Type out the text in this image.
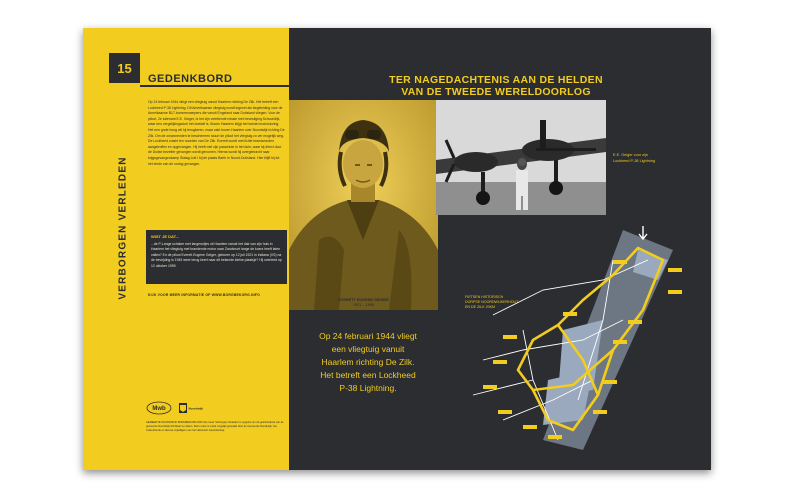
15
VERBORGEN VERLEDEN
GEDENKBORD

Op 24 februari 1944 vliegt een vliegtuig vanuit Haarlem richting De Zilk. Het betreft een Lockheed P-38 Lightning. Dit Amerikaanse vliegtuig wordt ingezet als begeleiding voor de Amerikaanse B17-bommenwerpers die vanuit Engeland naar Duitsland vliegen. Voor de piloot, 2e luitenant E.E. Geiger, is het zijn veertiende missie met bevestiging Schoorldijk, waar een vergelijkingsdoel het doelwit is. Boven Haarlem krijgt het toestel motorstoring. Het een grote boog wil hij terugkeren, maar zakt boven Haarlem over Noordwijk richting De Zilk. Om de omwonenden te beschermen stuurt de piloot het vliegtuig zo ver mogelijk weg. De Lockheed crasht ten noorden van De Zilk. Everett wordt met lichte brandwonden aangetroffen en opgevangen. Hij heeft met zijn parachute in het duin, waar hij direct door de Duitse bezetter gevangen wordt genomen. Hierna wordt hij overgebracht naar krijgsgevangenkamp Stalag Luft I bij de plaats Barth in Noord-Duitsland. Hier blijft hij tot het einde van de oorlog gevangen.

WIST JE DAT...

...de P-Lange schaker met langeruitjes uit Haarlem vanuit het dak van zijn huis in Haarlem het vliegtuig met brandende motor naar Zandvoort lange de koers heeft laten vallen? En de piloot Everett Eugene Geiger, geboren op 12 juli 1921 in Indiana (VS) na de bevrijding in 1945 weer terug keert naar dit bekende kleine plaatsje? Hij overleed op 12 oktober 1999.

KIJK VOOR MEER INFORMATIE OP WWW.BORGBEKORG.INFO
Mwb	Noordwijk

GEMEENTE NOORDWIJK BORGBEKORG.INFO De route 'Verborgen Verleden' is opgezet om de geschiedenis van de gemeente Noordwijk zichtbaar te maken. Deze route is mede mogelijk gemaakt door de Gemeente Noordwijk, het Cultuurfonds en diverse vrijwilligers van het Historisch Genootschap.

TER NAGEDACHTENIS AAN DE HELDEN
VAN DE TWEEDE WERELDOORLOG
EVERETT EUGENE GEIGER
1921 – 1999

E.E. Geiger voor zijn
Lockheed P-38 Lightning

Op 24 februari 1944 vliegt
een vliegtuig vanuit
Haarlem richting De Zilk.
Het betreft een Lockheed
P-38 Lightning.

FIETSEN HISTORISCH
DORPSE NOORDWIJKERHOUT
EN DE ZILK 20KM
